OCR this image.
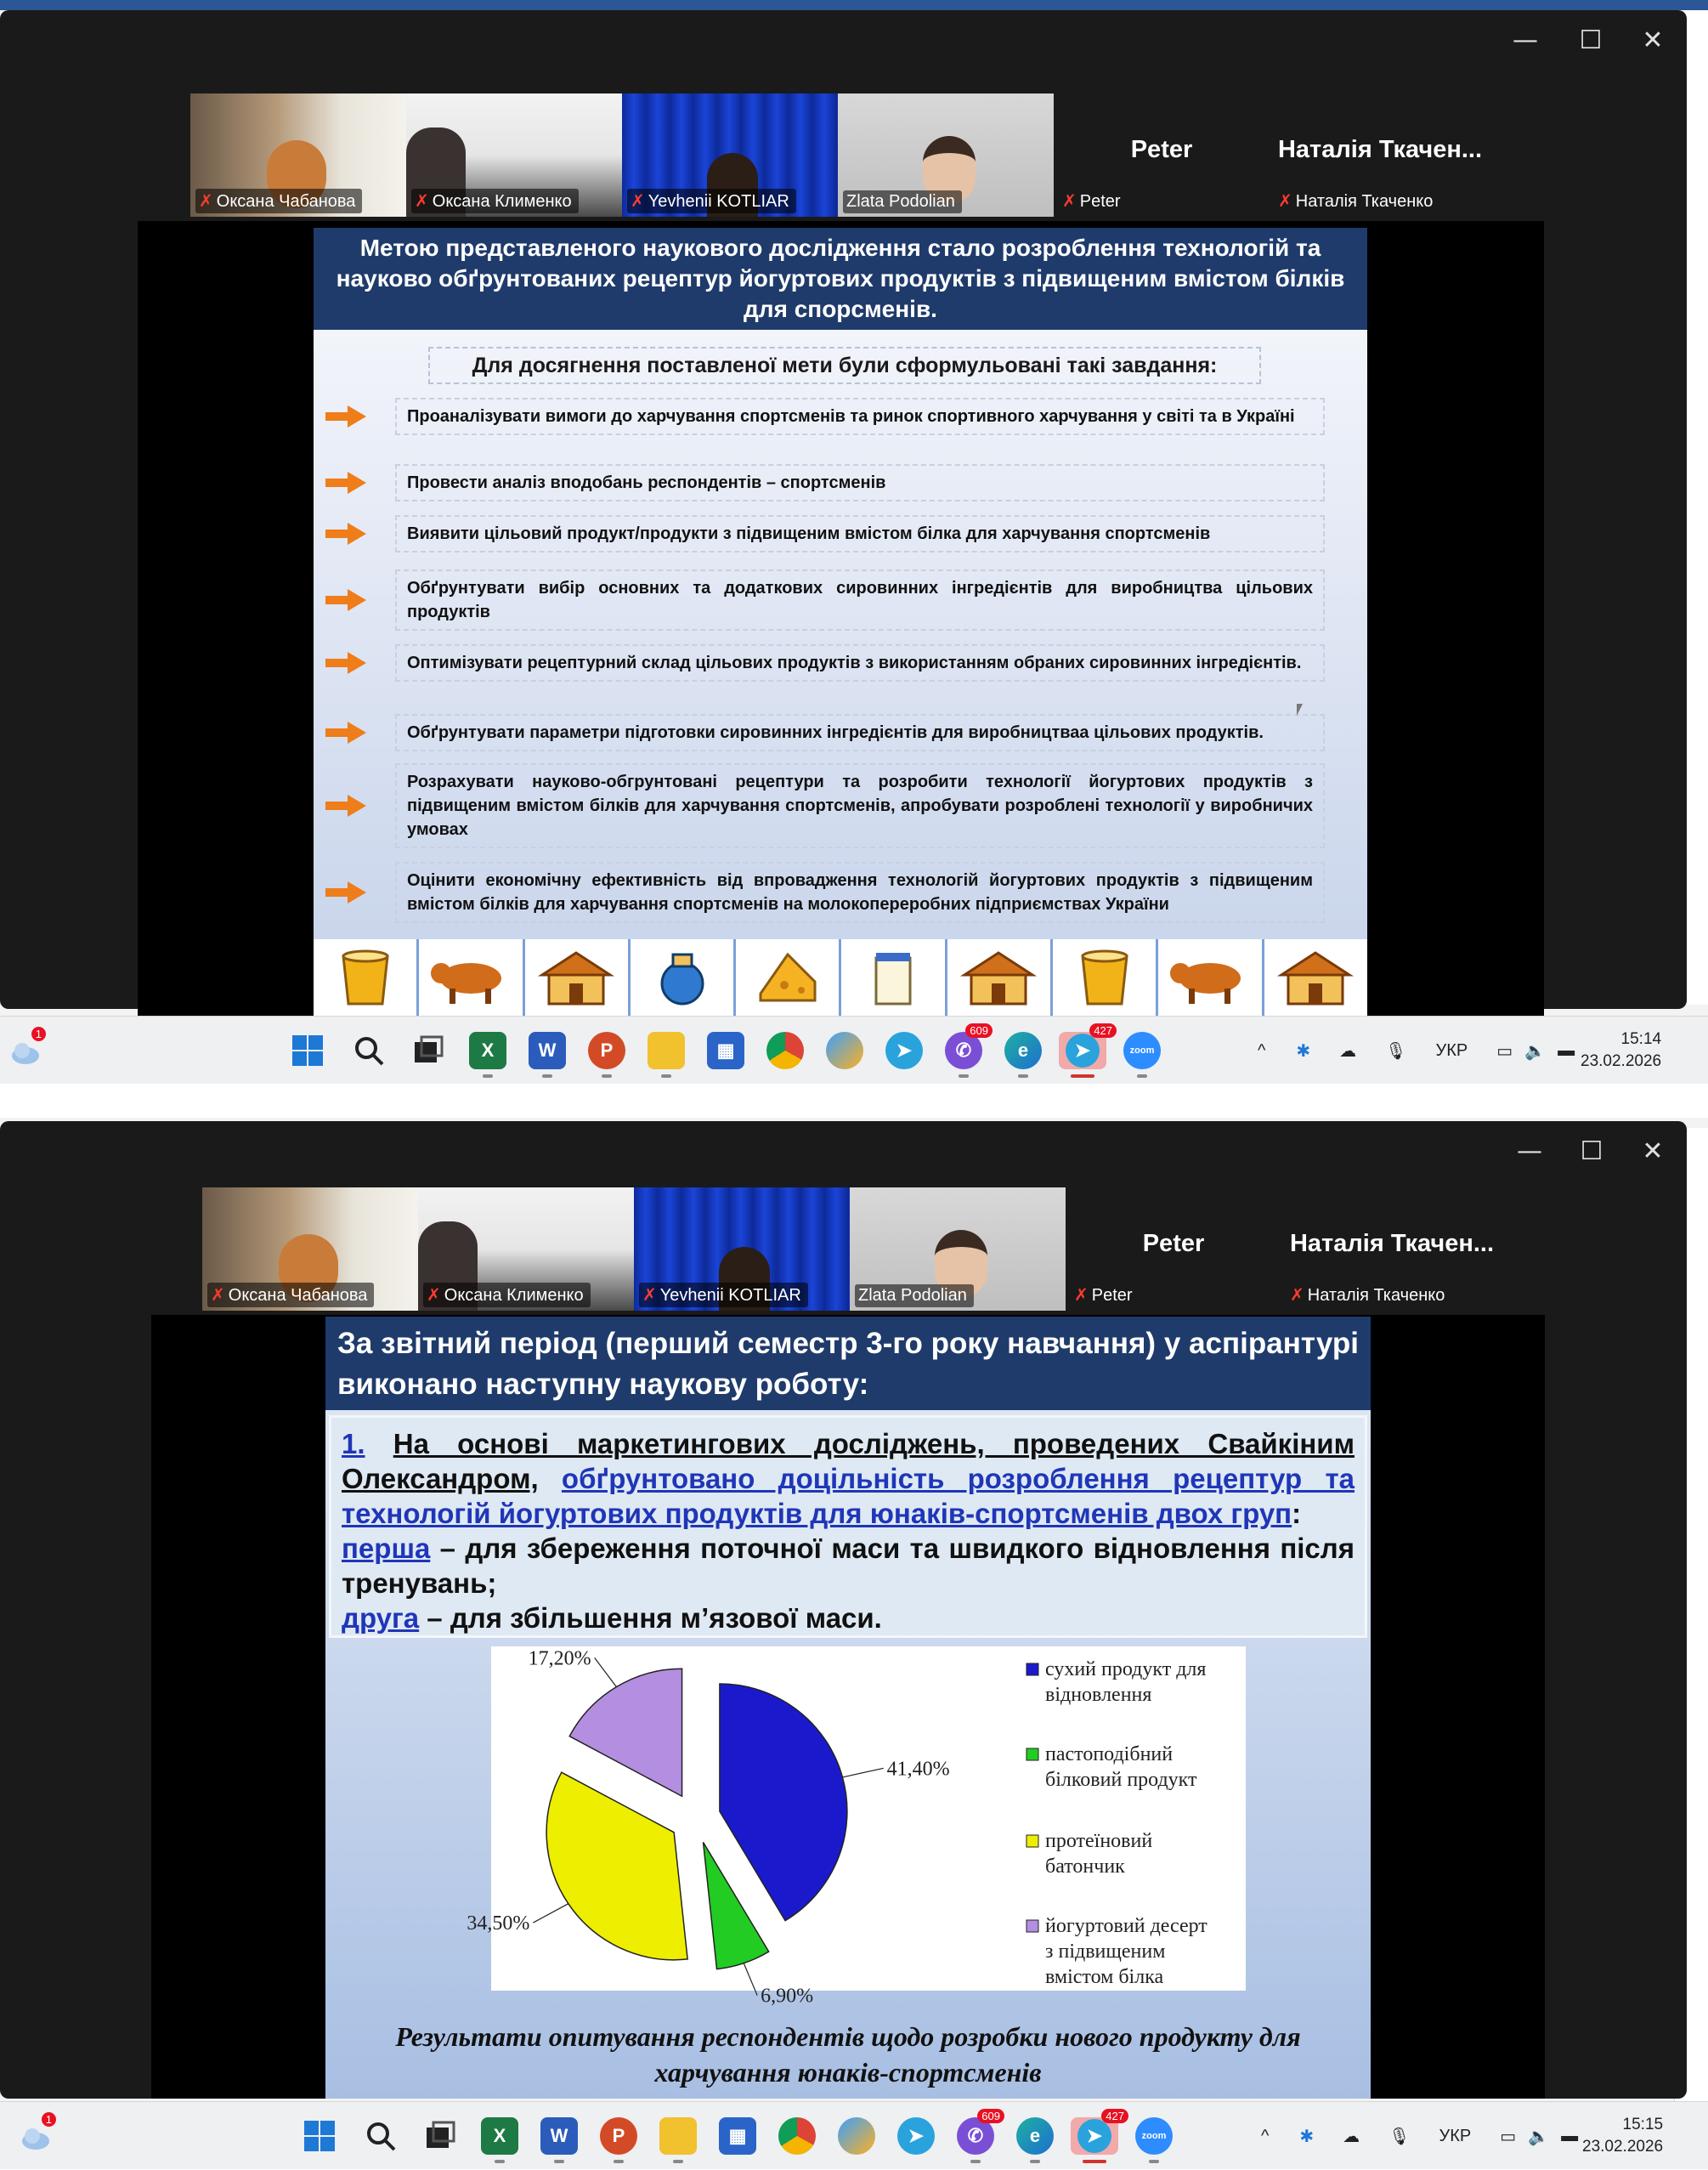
—	☐	✕
✗ Оксана Чабанова	✗ Оксана Клименко	✗ Yevhenii KOTLIAR	Zlata Podolian
Peter
✗ Peter
Наталія Ткачен...
✗ Наталія Ткаченко
Метою представленого наукового дослідження стало розроблення технологій та науково обґрунтованих рецептур йогуртових продуктів з підвищеним вмістом білків для спорсменів.
Для досягнення поставленої мети були сформульовані такі завдання:
Проаналізувати вимоги до харчування спортсменів та ринок спортивного харчування у світі та в Україні
Провести аналіз вподобань респондентів – спортсменів
Виявити цільовий продукт/продукти з підвищеним вмістом білка для харчування спортсменів
Обґрунтувати вибір основних та додаткових сировинних інгредієнтів для виробництва цільових продуктів
Оптимізувати рецептурний склад цільових продуктів з використанням обраних сировинних інгредієнтів.
Обґрунтувати параметри підготовки сировинних інгредієнтів для виробництваа цільових продуктів.
Розрахувати науково-обгрунтовані рецептури та розробити технології йогуртових продуктів з підвищеним вмістом білків для харчування спортсменів, апробувати розроблені технології у виробничих умовах
Оцінити економічну ефективність від впровадження технологій йогуртових продуктів з підвищеним вмістом білків для харчування спортсменів на молокопереробних підприємствах України
1
X	W	P	▦	➤	✆
609
e	➤
427
zoom	^ ✱ ☁ 🎙 УКР ▭ 🔈 ▬
15:14
23.02.2026
—	☐	✕
✗ Оксана Чабанова	✗ Оксана Клименко	✗ Yevhenii KOTLIAR	Zlata Podolian
Peter
✗ Peter
Наталія Ткачен...
✗ Наталія Ткаченко
За звітний період (перший семестр 3-го року навчання) у аспірантурі виконано наступну наукову роботу:
1. На основі маркетингових досліджень, проведених Свайкіним Олександром, обґрунтовано доцільність розроблення рецептур та технологій йогуртових продуктів для юнаків-спортсменів двох груп:
перша – для збереження поточної маси та швидкого відновлення після тренувань;
друга – для збільшення м’язової маси.
41,40%
6,90%
34,50%
17,20%	сухий продукт для відновлення
пастоподібний білковий продукт
протеїновий батончик
йогуртовий десерт з підвищеним вмістом білка
Результати опитування респондентів щодо розробки нового продукту для харчування юнаків-спортсменів
1
X	W	P	▦	➤	✆
609
e	➤
427
zoom	^ ✱ ☁ 🎙 УКР ▭ 🔈 ▬
15:15
23.02.2026
